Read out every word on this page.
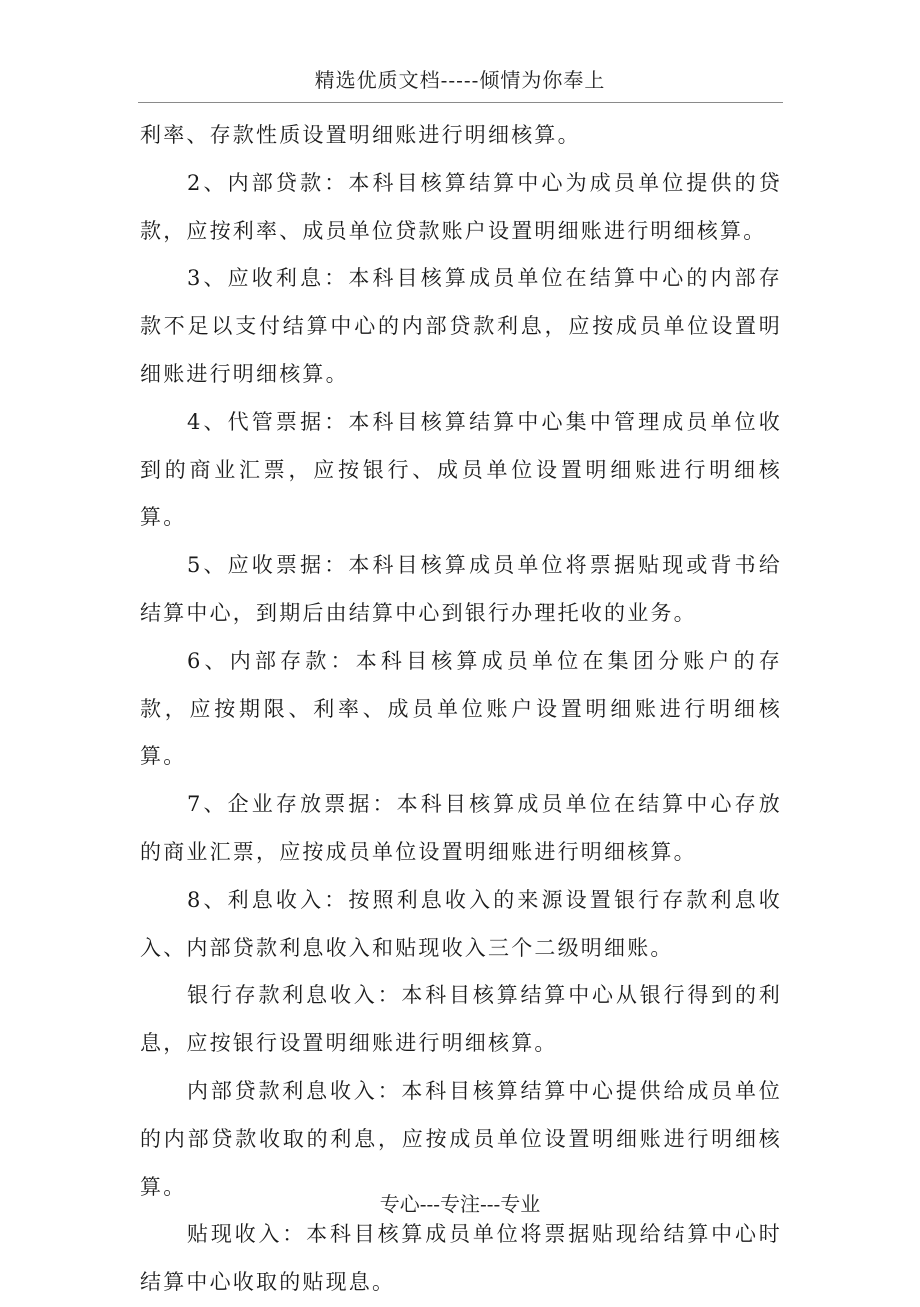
精选优质文档-----倾情为你奉上

利率、存款性质设置明细账进行明细核算。

2、内部贷款：本科目核算结算中心为成员单位提供的贷款，应按利率、成员单位贷款账户设置明细账进行明细核算。

3、应收利息：本科目核算成员单位在结算中心的内部存款不足以支付结算中心的内部贷款利息，应按成员单位设置明细账进行明细核算。

4、代管票据：本科目核算结算中心集中管理成员单位收到的商业汇票，应按银行、成员单位设置明细账进行明细核算。

5、应收票据：本科目核算成员单位将票据贴现或背书给结算中心，到期后由结算中心到银行办理托收的业务。

6、内部存款：本科目核算成员单位在集团分账户的存款，应按期限、利率、成员单位账户设置明细账进行明细核算。

7、企业存放票据：本科目核算成员单位在结算中心存放的商业汇票，应按成员单位设置明细账进行明细核算。

8、利息收入：按照利息收入的来源设置银行存款利息收入、内部贷款利息收入和贴现收入三个二级明细账。

银行存款利息收入：本科目核算结算中心从银行得到的利息，应按银行设置明细账进行明细核算。

内部贷款利息收入：本科目核算结算中心提供给成员单位的内部贷款收取的利息，应按成员单位设置明细账进行明细核算。

贴现收入：本科目核算成员单位将票据贴现给结算中心时结算中心收取的贴现息。

专心---专注---专业
